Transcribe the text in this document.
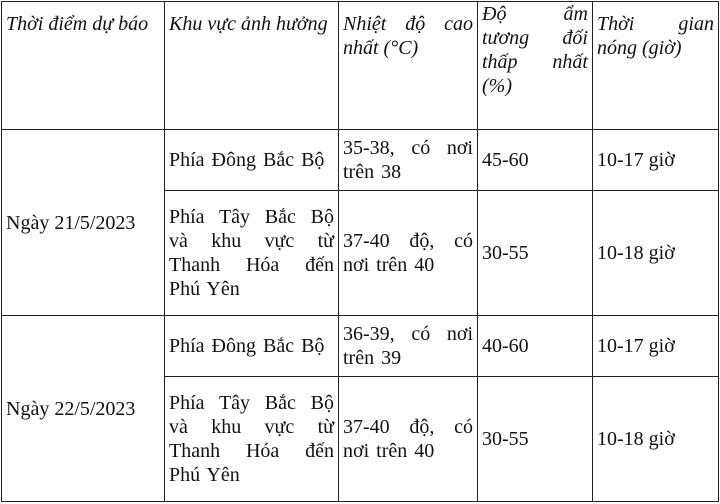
Thời điểm dự báo	Khu vực ảnh hưởng	Nhiệt độ cao nhất (°C)	Độ ẩm tương đối thấp nhất (%)	Thời gian nóng (giờ)
Ngày 21/5/2023	Phía Đông Bắc Bộ	35-38, có nơi trên 38	45-60	10-17 giờ
	Phía Tây Bắc Bộ và khu vực từ Thanh Hóa đến Phú Yên	37-40 độ, có nơi trên 40	30-55	10-18 giờ
Ngày 22/5/2023	Phía Đông Bắc Bộ	36-39, có nơi trên 39	40-60	10-17 giờ
	Phía Tây Bắc Bộ và khu vực từ Thanh Hóa đến Phú Yên	37-40 độ, có nơi trên 40	30-55	10-18 giờ
